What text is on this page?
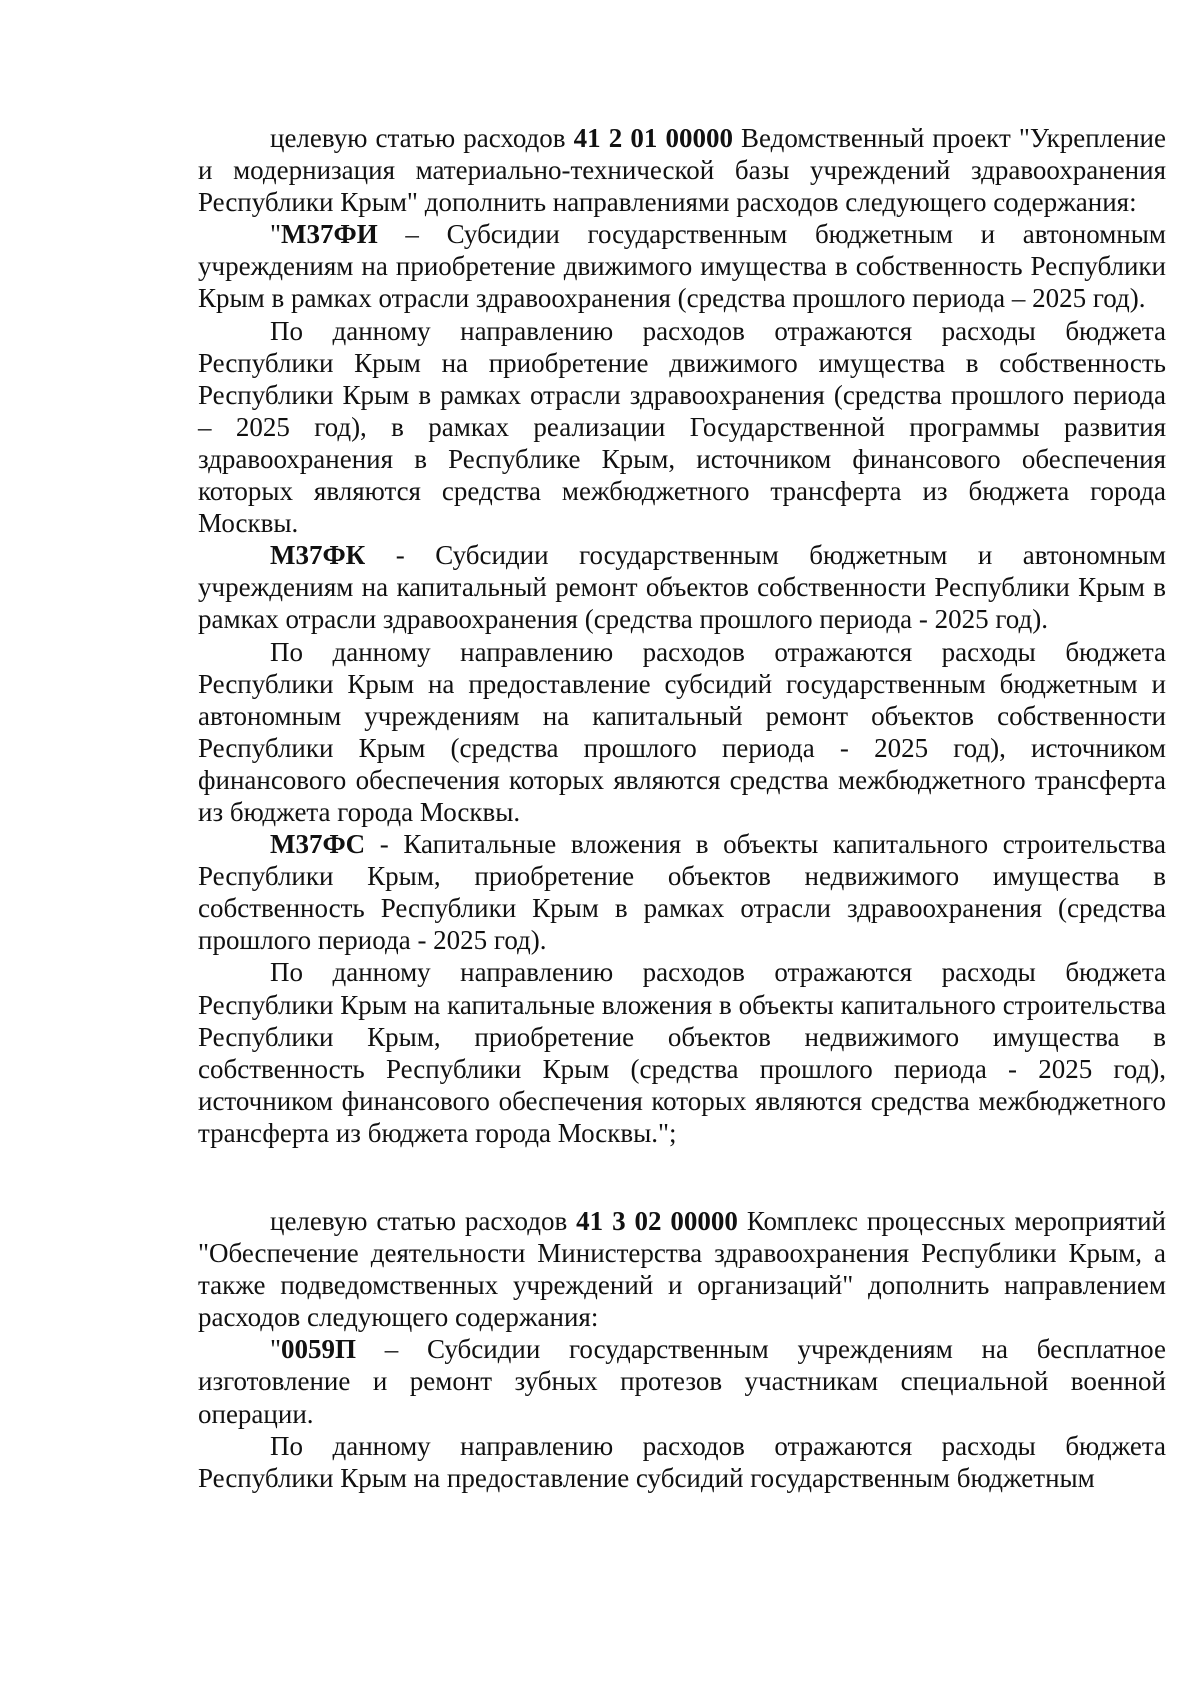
целевую статью расходов 41 2 01 00000 Ведомственный проект "Укрепление и модернизация материально-технической базы учреждений здравоохранения Республики Крым" дополнить направлениями расходов следующего содержания:

"М37ФИ – Субсидии государственным бюджетным и автономным учреждениям на приобретение движимого имущества в собственность Республики Крым в рамках отрасли здравоохранения (средства прошлого периода – 2025 год).

По данному направлению расходов отражаются расходы бюджета Республики Крым на приобретение движимого имущества в собственность Республики Крым в рамках отрасли здравоохранения (средства прошлого периода – 2025 год), в рамках реализации Государственной программы развития здравоохранения в Республике Крым, источником финансового обеспечения которых являются средства межбюджетного трансферта из бюджета города Москвы.

М37ФК - Субсидии государственным бюджетным и автономным учреждениям на капитальный ремонт объектов собственности Республики Крым в рамках отрасли здравоохранения (средства прошлого периода - 2025 год).

По данному направлению расходов отражаются расходы бюджета Республики Крым на предоставление субсидий государственным бюджетным и автономным учреждениям на капитальный ремонт объектов собственности Республики Крым (средства прошлого периода - 2025 год), источником финансового обеспечения которых являются средства межбюджетного трансферта из бюджета города Москвы.

М37ФС - Капитальные вложения в объекты капитального строительства Республики Крым, приобретение объектов недвижимого имущества в собственность Республики Крым в рамках отрасли здравоохранения (средства прошлого периода - 2025 год).

По данному направлению расходов отражаются расходы бюджета Республики Крым на капитальные вложения в объекты капитального строительства Республики Крым, приобретение объектов недвижимого имущества в собственность Республики Крым (средства прошлого периода - 2025 год), источником финансового обеспечения которых являются средства межбюджетного трансферта из бюджета города Москвы.";

целевую статью расходов 41 3 02 00000 Комплекс процессных мероприятий "Обеспечение деятельности Министерства здравоохранения Республики Крым, а также подведомственных учреждений и организаций" дополнить направлением расходов следующего содержания:

"0059П – Субсидии государственным учреждениям на бесплатное изготовление и ремонт зубных протезов участникам специальной военной операции.

По данному направлению расходов отражаются расходы бюджета Республики Крым на предоставление субсидий государственным бюджетным
